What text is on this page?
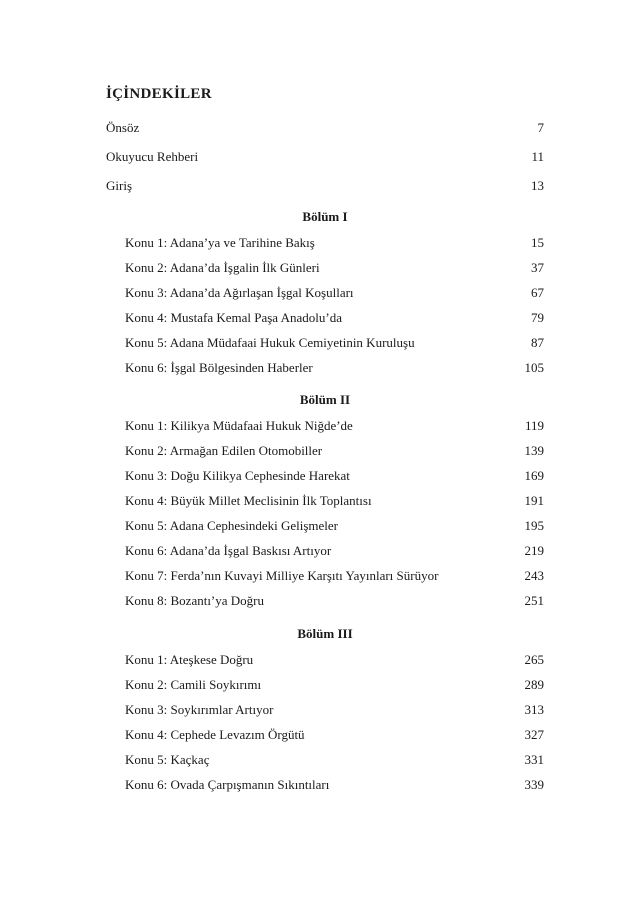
İÇİNDEKİLER
Önsöz	7
Okuyucu Rehberi	11
Giriş	13
Bölüm I
Konu 1: Adana’ya ve Tarihine Bakış	15
Konu 2: Adana’da İşgalin İlk Günleri	37
Konu 3: Adana’da Ağırlaşan İşgal Koşulları	67
Konu 4: Mustafa Kemal Paşa Anadolu’da	79
Konu 5: Adana Müdafaai Hukuk Cemiyetinin Kuruluşu	87
Konu 6: İşgal Bölgesinden Haberler	105
Bölüm II
Konu 1: Kilikya Müdafaai Hukuk Niğde’de	119
Konu 2: Armağan Edilen Otomobiller	139
Konu 3: Doğu Kilikya Cephesinde Harekat	169
Konu 4: Büyük Millet Meclisinin İlk Toplantısı	191
Konu 5: Adana Cephesindeki Gelişmeler	195
Konu 6: Adana’da İşgal Baskısı Artıyor	219
Konu 7: Ferda’nın Kuvayi Milliye Karşıtı Yayınları Sürüyor	243
Konu 8: Bozantı’ya Doğru	251
Bölüm III
Konu 1: Ateşkese Doğru	265
Konu 2: Camili Soykırımı	289
Konu 3: Soykırımlar Artıyor	313
Konu 4: Cephede Levazım Örgütü	327
Konu 5: Kaçkaç	331
Konu 6: Ovada Çarpışmanın Sıkıntıları	339
